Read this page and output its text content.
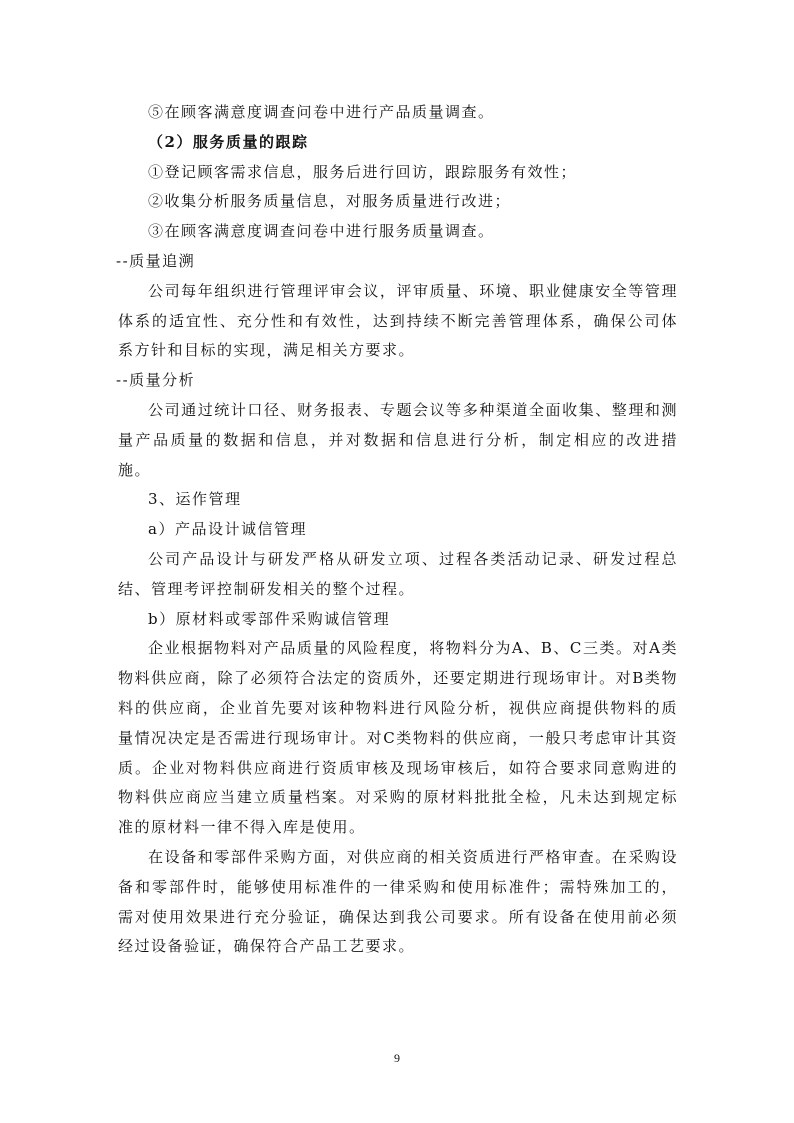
⑤在顾客满意度调查问卷中进行产品质量调查。

（2）服务质量的跟踪

①登记顾客需求信息，服务后进行回访，跟踪服务有效性；

②收集分析服务质量信息，对服务质量进行改进；

③在顾客满意度调查问卷中进行服务质量调查。

--质量追溯

公司每年组织进行管理评审会议，评审质量、环境、职业健康安全等管理体系的适宜性、充分性和有效性，达到持续不断完善管理体系，确保公司体系方针和目标的实现，满足相关方要求。

--质量分析

公司通过统计口径、财务报表、专题会议等多种渠道全面收集、整理和测量产品质量的数据和信息，并对数据和信息进行分析，制定相应的改进措施。

3、运作管理

a）产品设计诚信管理

公司产品设计与研发严格从研发立项、过程各类活动记录、研发过程总结、管理考评控制研发相关的整个过程。

b）原材料或零部件采购诚信管理

企业根据物料对产品质量的风险程度，将物料分为A、B、C三类。对A类物料供应商，除了必须符合法定的资质外，还要定期进行现场审计。对B类物料的供应商，企业首先要对该种物料进行风险分析，视供应商提供物料的质量情况决定是否需进行现场审计。对C类物料的供应商，一般只考虑审计其资质。企业对物料供应商进行资质审核及现场审核后，如符合要求同意购进的物料供应商应当建立质量档案。对采购的原材料批批全检，凡未达到规定标准的原材料一律不得入库是使用。

在设备和零部件采购方面，对供应商的相关资质进行严格审查。在采购设备和零部件时，能够使用标准件的一律采购和使用标准件；需特殊加工的，需对使用效果进行充分验证，确保达到我公司要求。所有设备在使用前必须经过设备验证，确保符合产品工艺要求。

9
